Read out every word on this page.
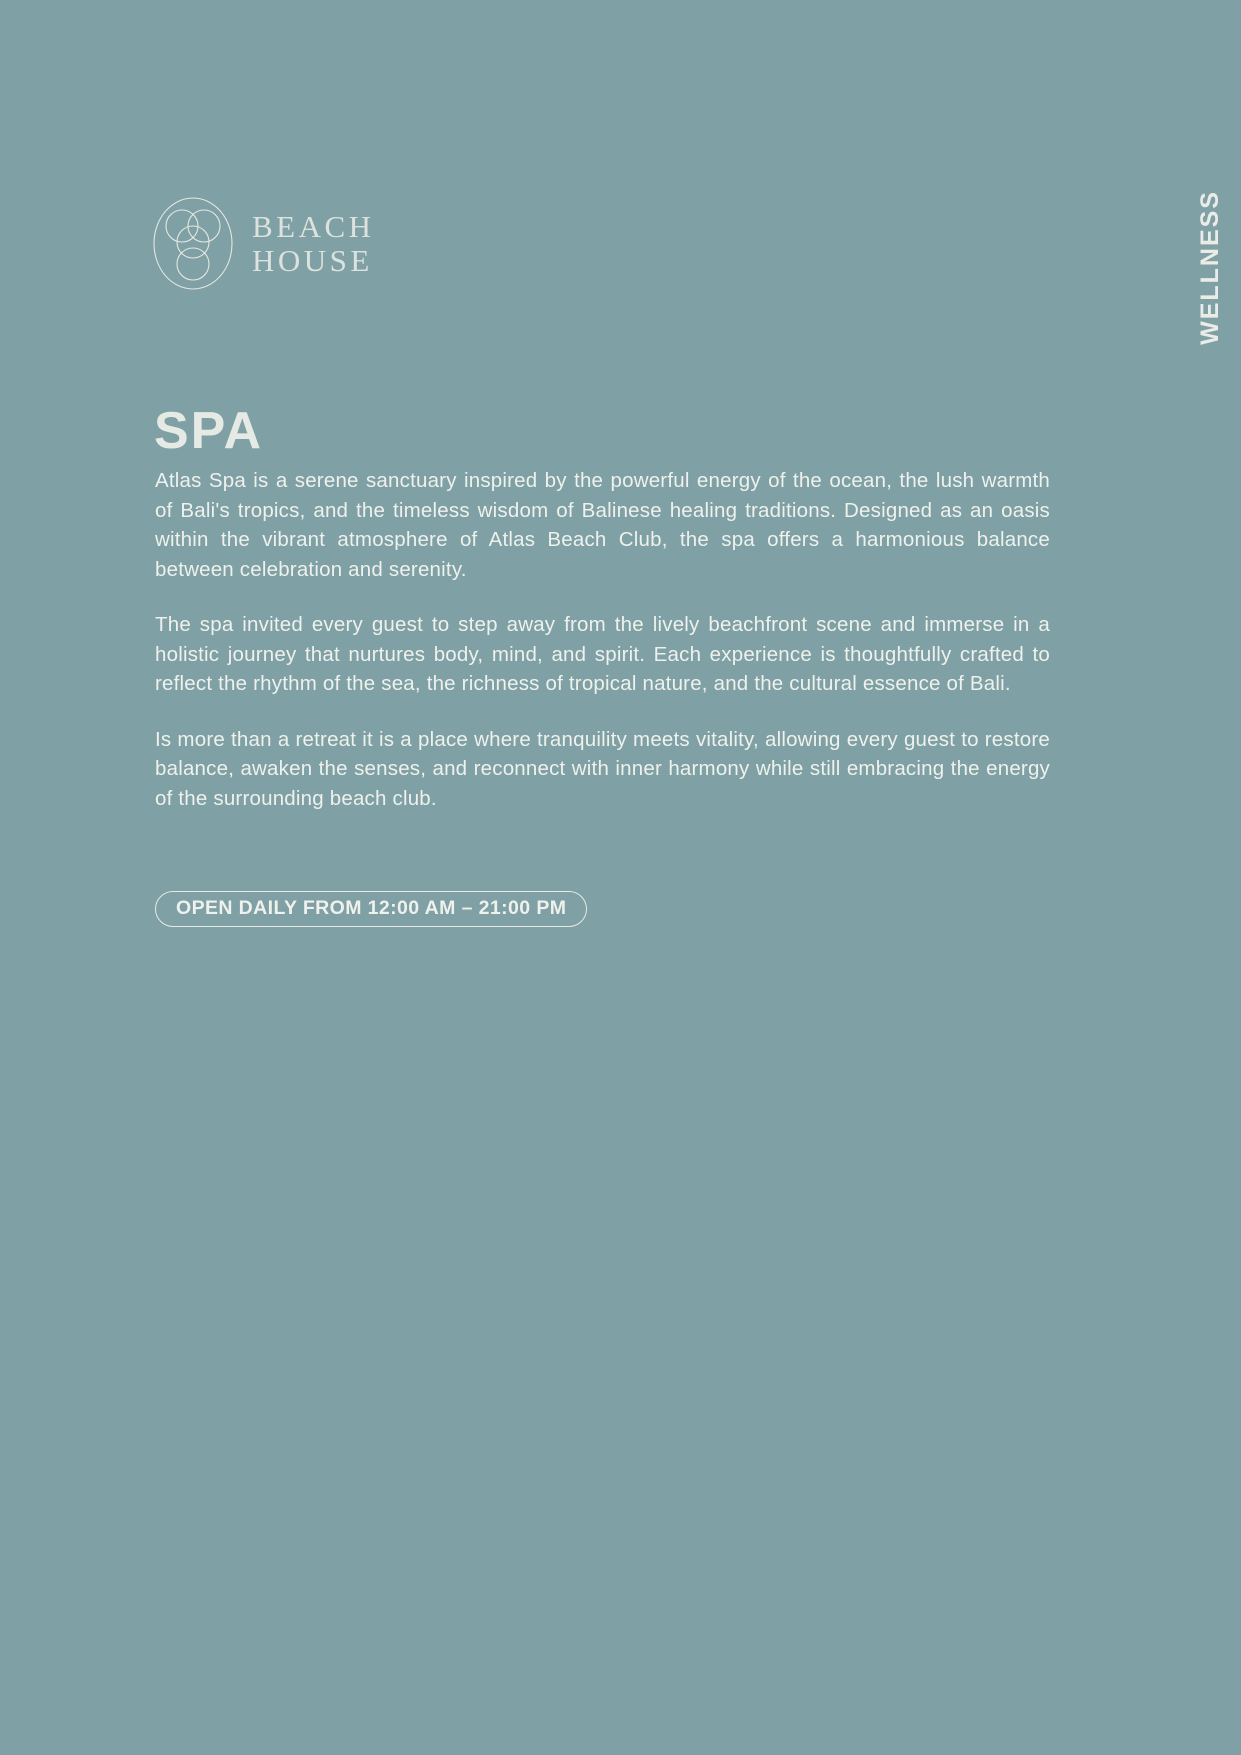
WELLNESS
BEACH
HOUSE
SPA

Atlas Spa is a serene sanctuary inspired by the powerful energy of the ocean, the lush warmth of Bali's tropics, and the timeless wisdom of Balinese healing traditions. Designed as an oasis within the vibrant atmosphere of Atlas Beach Club, the spa offers a harmonious balance between celebration and serenity.

The spa invited every guest to step away from the lively beachfront scene and immerse in a holistic journey that nurtures body, mind, and spirit. Each experience is thoughtfully crafted to reflect the rhythm of the sea, the richness of tropical nature, and the cultural essence of Bali.

Is more than a retreat it is a place where tranquility meets vitality, allowing every guest to restore balance, awaken the senses, and reconnect with inner harmony while still embracing the energy of the surrounding beach club.

OPEN DAILY FROM 12:00 AM – 21:00 PM
